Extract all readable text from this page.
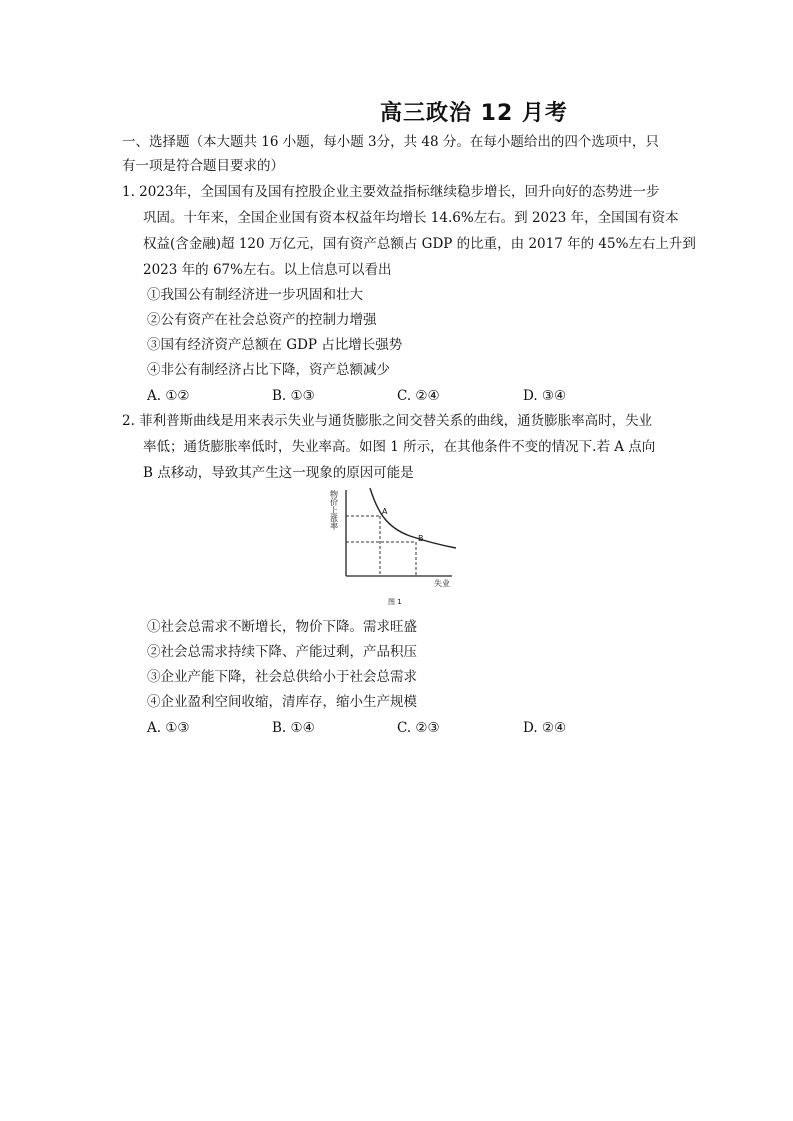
高三政治 12 月考
一、选择题（本大题共 16 小题，每小题 3分，共 48 分。在每小题给出的四个选项中，只
有一项是符合题目要求的）
1. 2023年，全国国有及国有控股企业主要效益指标继续稳步增长，回升向好的态势进一步
巩固。十年来，全国企业国有资本权益年均增长 14.6%左右。到 2023 年，全国国有资本
权益(含金融)超 120 万亿元，国有资产总额占 GDP 的比重，由 2017 年的 45%左右上升到
2023 年的 67%左右。以上信息可以看出
①我国公有制经济进一步巩固和壮大
②公有资产在社会总资产的控制力增强
③国有经济资产总额在 GDP 占比增长强势
④非公有制经济占比下降，资产总额减少
A. ①②	B. ①③	C. ②④	D. ③④
2. 菲利普斯曲线是用来表示失业与通货膨胀之间交替关系的曲线，通货膨胀率高时，失业
率低；通货膨胀率低时，失业率高。如图 1 所示，在其他条件不变的情况下.若 A 点向
B 点移动，导致其产生这一现象的原因可能是
A
B
物价上涨率
失业
图 1
①社会总需求不断增长，物价下降。需求旺盛
②社会总需求持续下降、产能过剩，产品积压
③企业产能下降，社会总供给小于社会总需求
④企业盈利空间收缩，清库存，缩小生产规模
A. ①③	B. ①④	C. ②③	D. ②④
